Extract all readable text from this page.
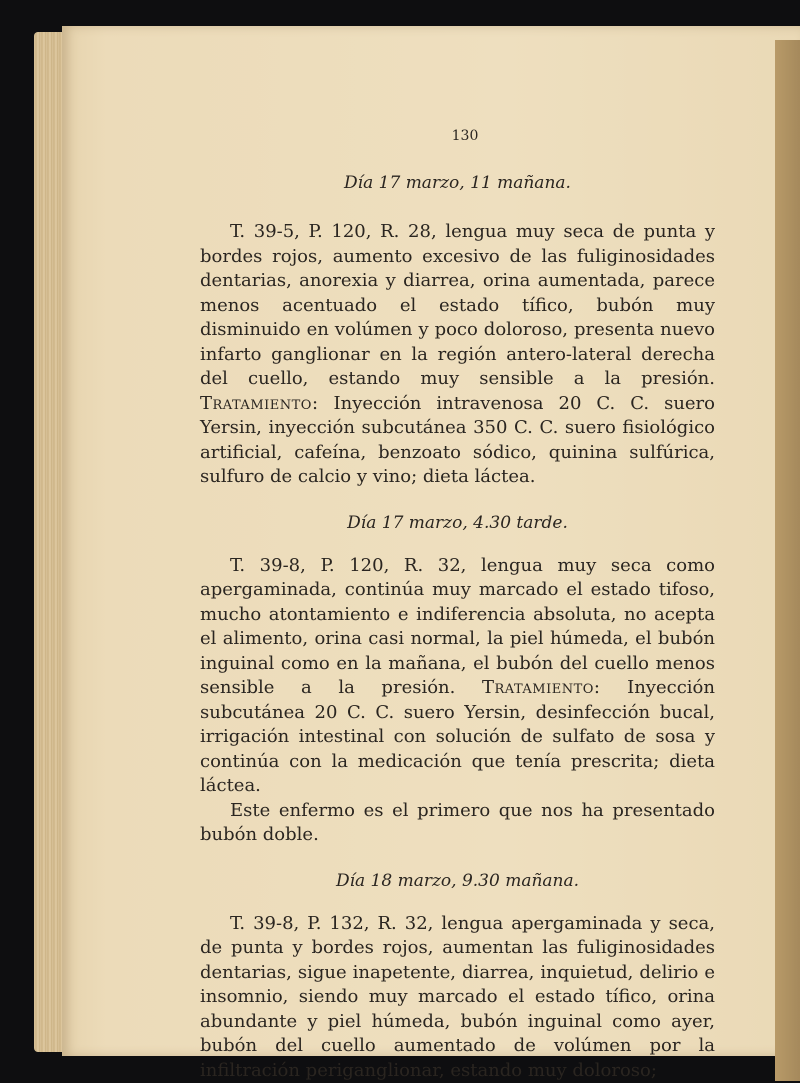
130

Día 17 marzo, 11 mañana.

T. 39-5, P. 120, R. 28, lengua muy seca de punta y bordes rojos, aumento excesivo de las fuliginosidades dentarias, anorexia y diarrea, orina aumentada, parece menos acentuado el estado tífico, bubón muy disminuido en volúmen y poco doloroso, presenta nuevo infarto ganglionar en la región antero-lateral derecha del cuello, estando muy sensible a la presión. Tratamiento: Inyección intravenosa 20 C. C. suero Yersin, inyección subcutánea 350 C. C. suero fisiológico artificial, cafeína, benzoato sódico, quinina sulfúrica, sulfuro de calcio y vino; dieta láctea.

Día 17 marzo, 4.30 tarde.

T. 39-8, P. 120, R. 32, lengua muy seca como apergaminada, continúa muy marcado el estado tifoso, mucho atontamiento e indiferencia absoluta, no acepta el alimento, orina casi normal, la piel húmeda, el bubón inguinal como en la mañana, el bubón del cuello menos sensible a la presión. Tratamiento: Inyección subcutánea 20 C. C. suero Yersin, desinfección bucal, irrigación intestinal con solución de sulfato de sosa y continúa con la medicación que tenía prescrita; dieta láctea.

Este enfermo es el primero que nos ha presentado bubón doble.

Día 18 marzo, 9.30 mañana.

T. 39-8, P. 132, R. 32, lengua apergaminada y seca, de punta y bordes rojos, aumentan las fuliginosidades dentarias, sigue inapetente, diarrea, inquietud, delirio e insomnio, siendo muy marcado el estado tífico, orina abundante y piel húmeda, bubón inguinal como ayer, bubón del cuello aumentado de volúmen por la infiltración periganglionar, estando muy doloroso;
